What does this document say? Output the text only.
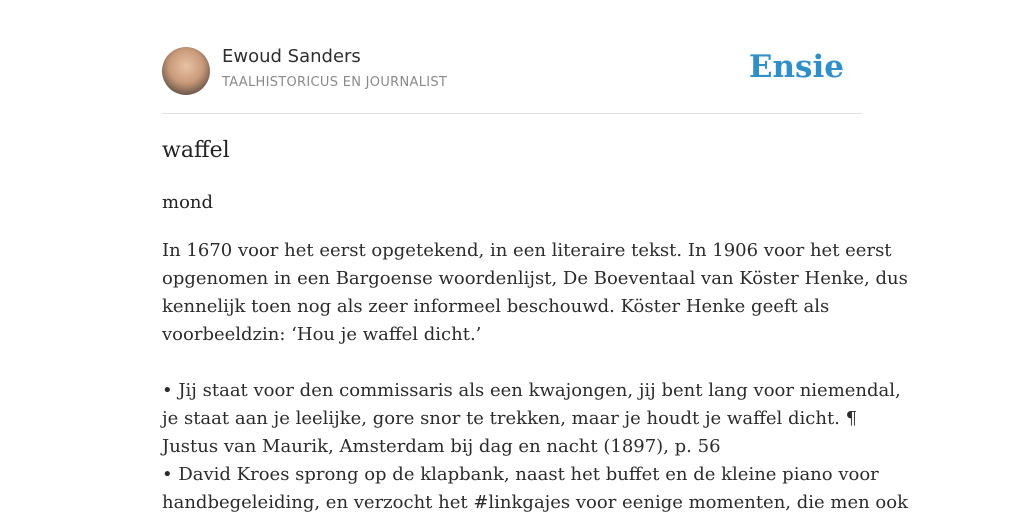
Ewoud Sanders
TAALHISTORICUS EN JOURNALIST	Ensie
waffel
mond
In 1670 voor het eerst opgetekend, in een literaire tekst. In 1906 voor het eerst
opgenomen in een Bargoense woordenlijst, De Boeventaal van Köster Henke, dus
kennelijk toen nog als zeer informeel beschouwd. Köster Henke geeft als
voorbeeldzin: ‘Hou je waffel dicht.’
• Jij staat voor den commissaris als een kwajongen, jij bent lang voor niemendal,
je staat aan je leelijke, gore snor te trekken, maar je houdt je waffel dicht. ¶
Justus van Maurik, Amsterdam bij dag en nacht (1897), p. 56
• David Kroes sprong op de klapbank, naast het buffet en de kleine piano voor
handbegeleiding, en verzocht het #linkgajes voor eenige momenten, die men ook
